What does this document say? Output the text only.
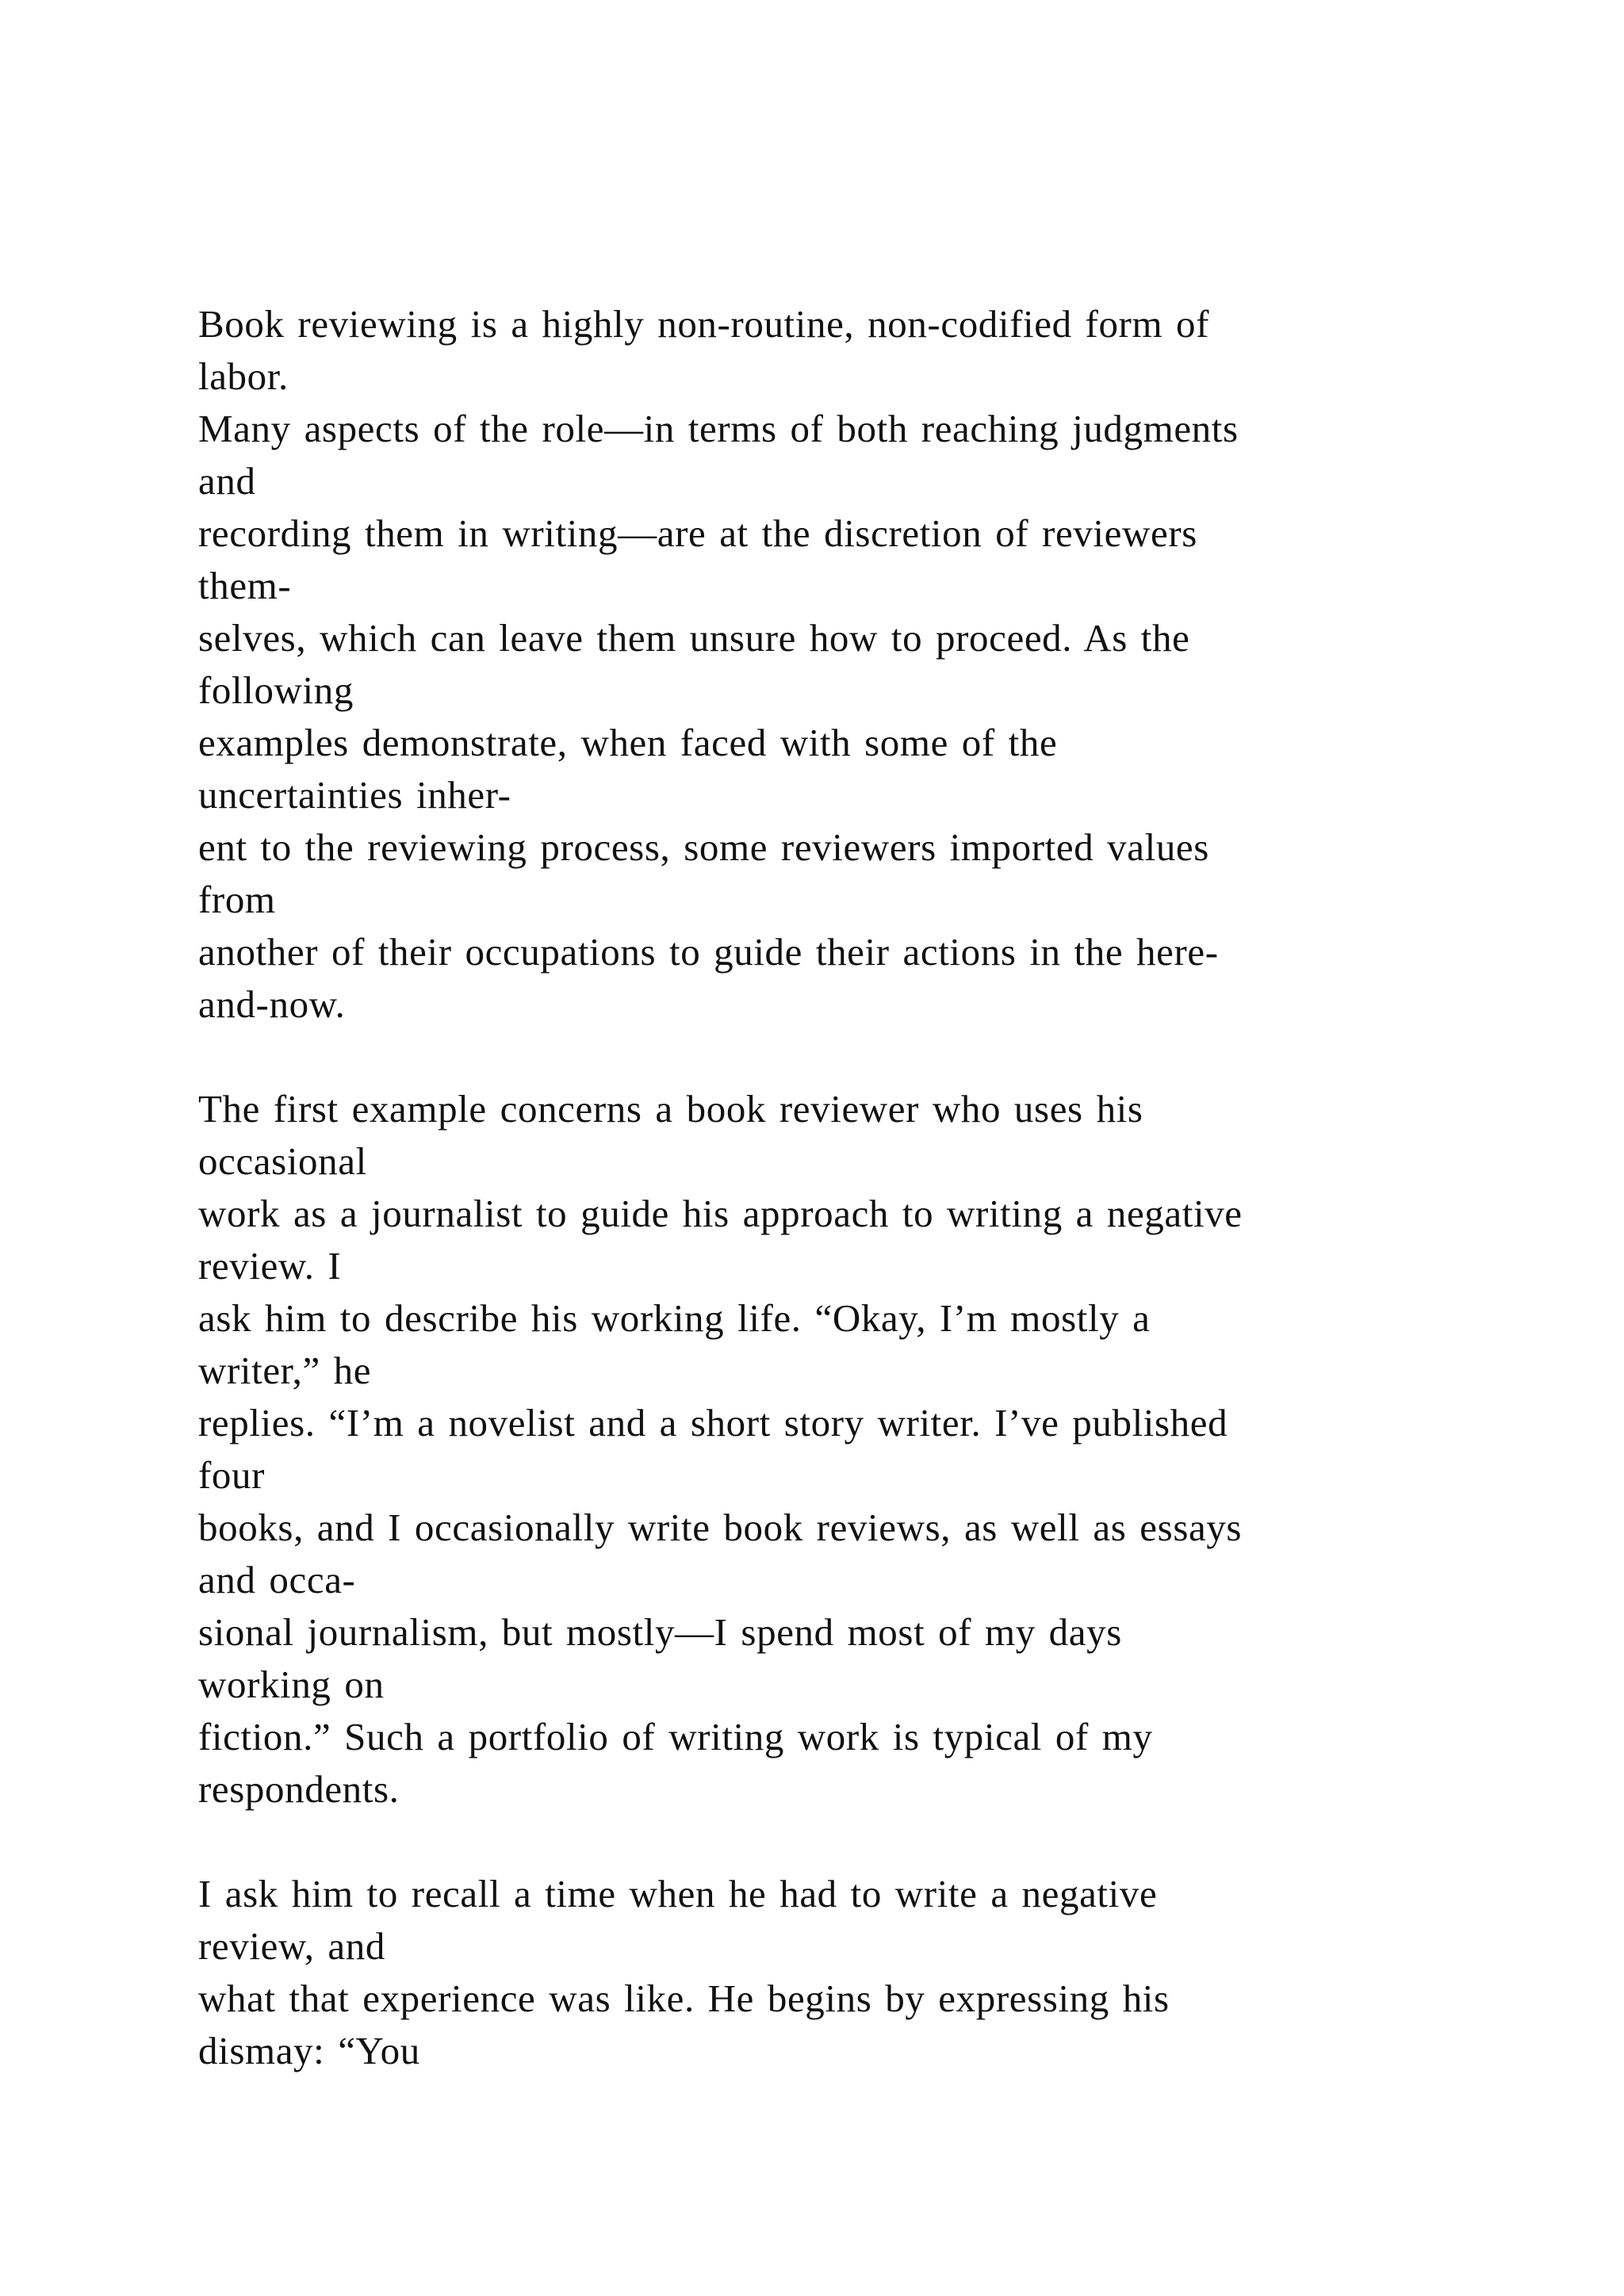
Book reviewing is a highly non-routine, non-codified form of
labor.
Many aspects of the role—in terms of both reaching judgments
and
recording them in writing—are at the discretion of reviewers
them-
selves, which can leave them unsure how to proceed. As the
following
examples demonstrate, when faced with some of the
uncertainties inher-
ent to the reviewing process, some reviewers imported values
from
another of their occupations to guide their actions in the here-
and-now.
The first example concerns a book reviewer who uses his
occasional
work as a journalist to guide his approach to writing a negative
review. I
ask him to describe his working life. “Okay, I’m mostly a
writer,” he
replies. “I’m a novelist and a short story writer. I’ve published
four
books, and I occasionally write book reviews, as well as essays
and occa-
sional journalism, but mostly—I spend most of my days
working on
fiction.” Such a portfolio of writing work is typical of my
respondents.
I ask him to recall a time when he had to write a negative
review, and
what that experience was like. He begins by expressing his
dismay: “You
